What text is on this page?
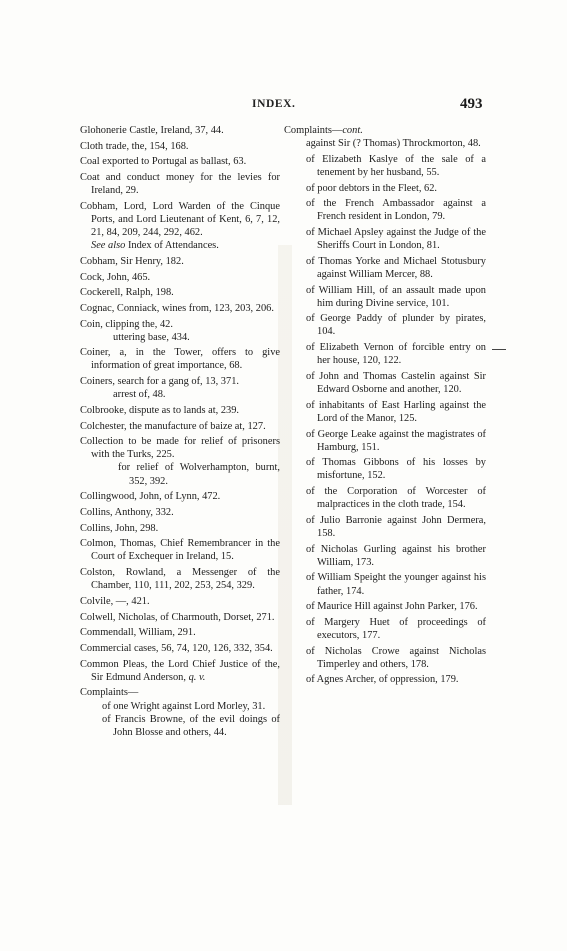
INDEX.	493
Glohonerie Castle, Ireland, 37, 44.
Cloth trade, the, 154, 168.
Coal exported to Portugal as ballast, 63.
Coat and conduct money for the levies for Ireland, 29.
Cobham, Lord, Lord Warden of the Cinque Ports, and Lord Lieutenant of Kent, 6, 7, 12, 21, 84, 209, 244, 292, 462.
See also Index of Attendances.
Cobham, Sir Henry, 182.
Cock, John, 465.
Cockerell, Ralph, 198.
Cognac, Conniack, wines from, 123, 203, 206.
Coin, clipping the, 42.
uttering base, 434.
Coiner, a, in the Tower, offers to give information of great importance, 68.
Coiners, search for a gang of, 13, 371.
arrest of, 48.
Colbrooke, dispute as to lands at, 239.
Colchester, the manufacture of baize at, 127.
Collection to be made for relief of prisoners with the Turks, 225.
for relief of Wolverhampton, burnt, 352, 392.
Collingwood, John, of Lynn, 472.
Collins, Anthony, 332.
Collins, John, 298.
Colmon, Thomas, Chief Remembrancer in the Court of Exchequer in Ireland, 15.
Colston, Rowland, a Messenger of the Chamber, 110, 111, 202, 253, 254, 329.
Colvile, —, 421.
Colwell, Nicholas, of Charmouth, Dorset, 271.
Commendall, William, 291.
Commercial cases, 56, 74, 120, 126, 332, 354.
Common Pleas, the Lord Chief Justice of the, Sir Edmund Anderson, q. v.
Complaints—
of one Wright against Lord Morley, 31.
of Francis Browne, of the evil doings of John Blosse and others, 44.
Complaints—cont.
against Sir (? Thomas) Throckmorton, 48.
of Elizabeth Kaslye of the sale of a tenement by her husband, 55.
of poor debtors in the Fleet, 62.
of the French Ambassador against a French resident in London, 79.
of Michael Apsley against the Judge of the Sheriffs Court in London, 81.
of Thomas Yorke and Michael Stotusbury against William Mercer, 88.
of William Hill, of an assault made upon him during Divine service, 101.
of George Paddy of plunder by pirates, 104.
of Elizabeth Vernon of forcible entry on her house, 120, 122.
of John and Thomas Castelin against Sir Edward Osborne and another, 120.
of inhabitants of East Harling against the Lord of the Manor, 125.
of George Leake against the magistrates of Hamburg, 151.
of Thomas Gibbons of his losses by misfortune, 152.
of the Corporation of Worcester of malpractices in the cloth trade, 154.
of Julio Barronie against John Dermera, 158.
of Nicholas Gurling against his brother William, 173.
of William Speight the younger against his father, 174.
of Maurice Hill against John Parker, 176.
of Margery Huet of proceedings of executors, 177.
of Nicholas Crowe against Nicholas Timperley and others, 178.
of Agnes Archer, of oppression, 179.
